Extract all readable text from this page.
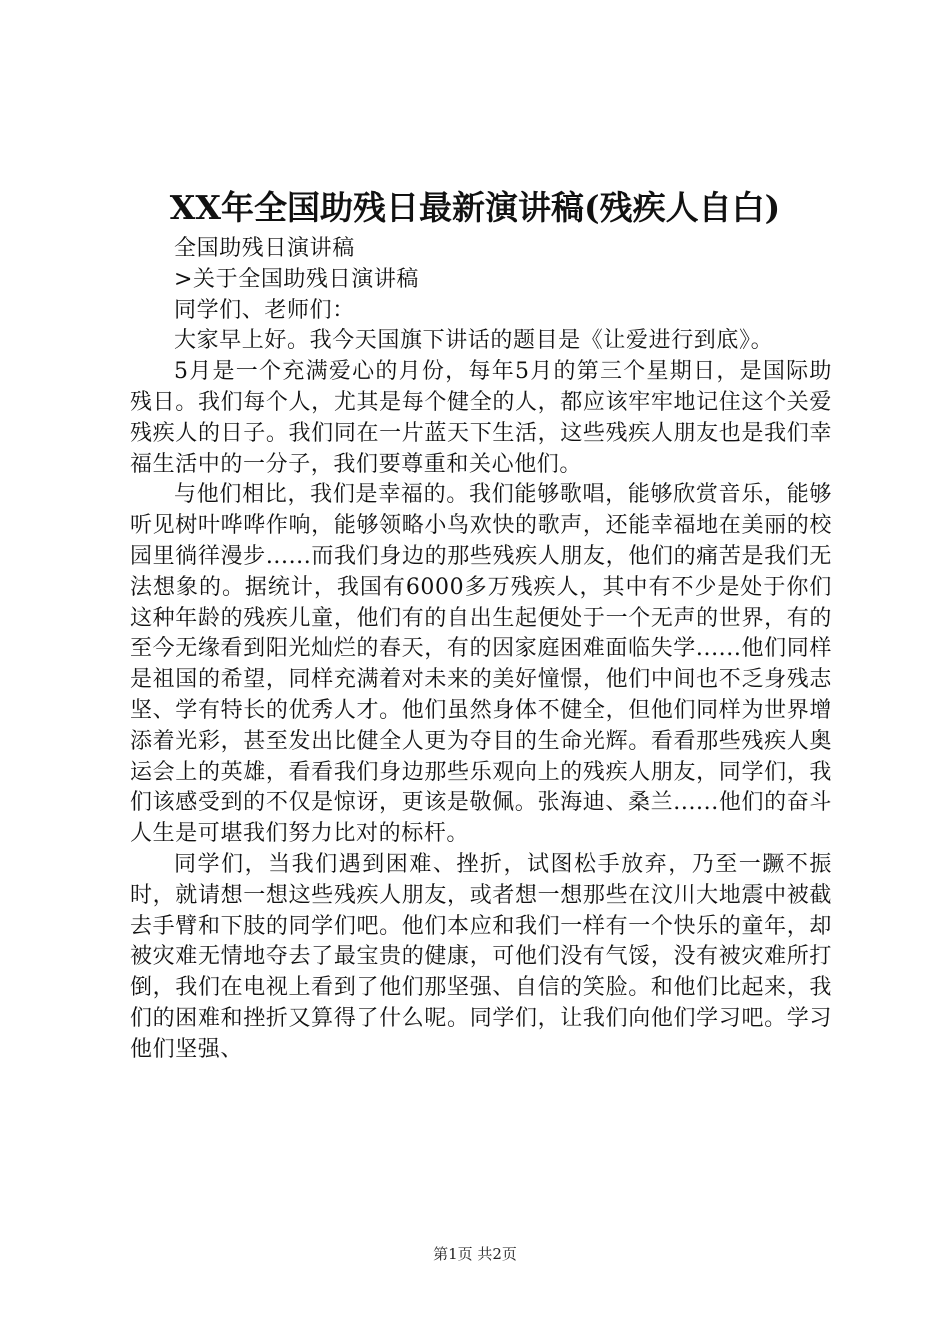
XX年全国助残日最新演讲稿(残疾人自白)

全国助残日演讲稿

>关于全国助残日演讲稿

同学们、老师们：

大家早上好。我今天国旗下讲话的题目是《让爱进行到底》。

5月是一个充满爱心的月份，每年5月的第三个星期日，是国际助残日。我们每个人，尤其是每个健全的人，都应该牢牢地记住这个关爱残疾人的日子。我们同在一片蓝天下生活，这些残疾人朋友也是我们幸福生活中的一分子，我们要尊重和关心他们。

与他们相比，我们是幸福的。我们能够歌唱，能够欣赏音乐，能够听见树叶哗哗作响，能够领略小鸟欢快的歌声，还能幸福地在美丽的校园里徜徉漫步......而我们身边的那些残疾人朋友，他们的痛苦是我们无法想象的。据统计，我国有6000多万残疾人，其中有不少是处于你们这种年龄的残疾儿童，他们有的自出生起便处于一个无声的世界，有的至今无缘看到阳光灿烂的春天，有的因家庭困难面临失学......他们同样是祖国的希望，同样充满着对未来的美好憧憬，他们中间也不乏身残志坚、学有特长的优秀人才。他们虽然身体不健全，但他们同样为世界增添着光彩，甚至发出比健全人更为夺目的生命光辉。看看那些残疾人奥运会上的英雄，看看我们身边那些乐观向上的残疾人朋友，同学们，我们该感受到的不仅是惊讶，更该是敬佩。张海迪、桑兰......他们的奋斗人生是可堪我们努力比对的标杆。

同学们，当我们遇到困难、挫折，试图松手放弃，乃至一蹶不振时，就请想一想这些残疾人朋友，或者想一想那些在汶川大地震中被截去手臂和下肢的同学们吧。他们本应和我们一样有一个快乐的童年，却被灾难无情地夺去了最宝贵的健康，可他们没有气馁，没有被灾难所打倒，我们在电视上看到了他们那坚强、自信的笑脸。和他们比起来，我们的困难和挫折又算得了什么呢。同学们，让我们向他们学习吧。学习他们坚强、

第1页 共2页
